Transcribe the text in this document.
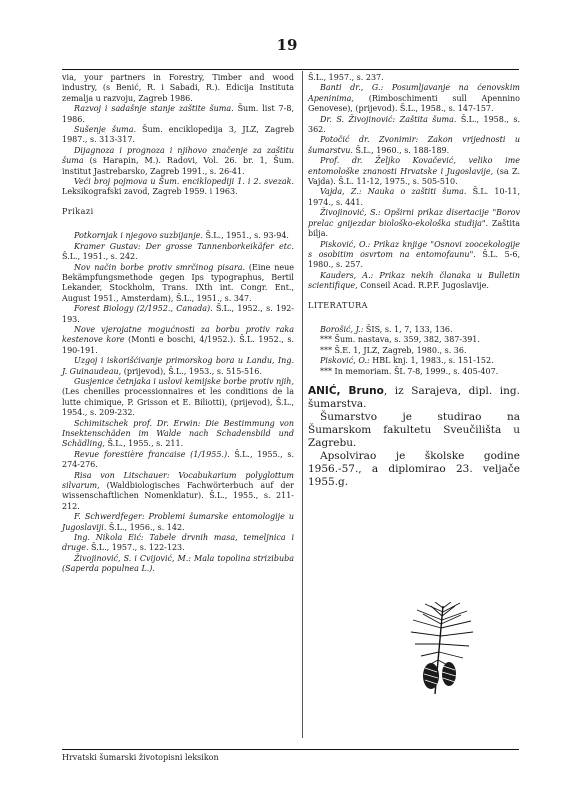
19

via, your partners in Forestry, Timber and wood industry, (s Benić, R. i Sabadi, R.). Edicija Instituta zemalja u razvoju, Zagreb 1986.

Razvoj i sadašnje stanje zaštite šuma. Šum. list 7-8, 1986.

Sušenje šuma. Šum. enciklopedija 3, JLZ, Zagreb 1987., s. 313-317.

Dijagnoza i prognoza i njihovo značenje za zaštitu šuma (s Harapin, M.). Radovi, Vol. 26. br. 1, Šum. institut Jastrebarsko, Zagreb 1991., s. 26-41.

Veći broj pojmova u Šum. enciklopediji 1. i 2. svezak. Leksikografski zavod, Zagreb 1959. i 1963.

Prikazi

Potkornjak i njegovo suzbijanje. Š.L., 1951., s. 93-94.

Kramer Gustav: Der grosse Tannenborkeikäfer etc. Š.L., 1951., s. 242.

Nov način borbe protiv smrčinog pisara. (Eine neue Bekämpfungsmethode gegen Ips typographus, Bertil Lekander, Stockholm, Trans. IXth int. Congr. Ent., August 1951., Amsterdam), Š.L., 1951., s. 347.

Forest Biology (2/1952., Canada). Š.L., 1952., s. 192-193.

Nove vjerojatne mogućnosti za borbu protiv raka kestenove kore (Monti e boschi, 4/1952.). Š.L. 1952., s. 190-191.

Uzgoj i iskorišćivanje primorskog bora u Landu, Ing. J. Guinaudeau, (prijevod), Š.L., 1953., s. 515-516.

Gusjenice četnjaka i uslovi kemijske borbe protiv njih, (Les chenilles processionnaires et les conditions de la lutte chimique, P. Grisson et E. Biliotti), (prijevod), Š.L., 1954., s. 209-232.

Schimitschek prof. Dr. Erwin: Die Bestimmung von Insektenschäden im Walde nach Schadensbild und Schädling, Š.L., 1955., s. 211.

Revue forestière francaise (1/1955.). Š.L., 1955., s. 274-276.

Risa von Litschauer: Vocabukarium polyglottum silvarum, (Waldbiologisches Fachwörterbuch auf der wissenschaftlichen Nomenklatur). Š.L., 1955., s. 211-212.

F. Schwerdfeger: Problemi šumarske entomologije u Jugoslaviji. Š.L., 1956., s. 142.

Ing. Nikola Eić: Tabele drvnih masa, temeljnica i druge. Š.L., 1957., s. 122-123.

Živojinović, S. i Cvijović, M.: Mala topolina strizibuba (Saperda populnea L.).

Š.L., 1957., s. 237.

Banti dr., G.: Posumljavanje na ćenovskim Apeninima, (Rimboschimenti sull Apennino Genovese), (prijevod). Š.L., 1958., s. 147-157.

Dr. S. Živojinović: Zaštita šuma. Š.L., 1958., s. 362.

Potočić dr. Zvonimir: Zakon vrijednosti u šumarstvu. Š.L., 1960., s. 188-189.

Prof. dr. Željko Kovačević, veliko ime entomološke znanosti Hrvatske i Jugoslavije, (sa Z. Vajda). Š.L. 11-12, 1975., s. 505-510.

Vajda, Z.: Nauka o zaštiti šuma. Š.L. 10-11, 1974., s. 441.

Živojinović, S.: Opširni prikaz disertacije "Borov prelac gnijezdar biološko-ekološka studija". Zaštita bilja.

Pisković, O.: Prikaz knjige "Osnovi zoocekologije s osobitim osvrtom na entomofaunu". Š.L. 5-6, 1980., s. 257.

Kauders, A.: Prikaz nekih članaka u Bulletin scientifique, Conseil Acad. R.P.F. Jugoslavije.

LITERATURA

Borošić, J.: ŠIS, s. 1, 7, 133, 136.

*** Šum. nastava, s. 359, 382, 387-391.

*** Š.E. 1, JLZ, Zagreb, 1980., s. 36.

Pisković, O.: HBL knj. 1, 1983., s. 151-152.

*** In memoriam. ŠL 7-8, 1999., s. 405-407.

ANIĆ, Bruno, iz Sarajeva, dipl. ing. šumarstva.

Šumarstvo je studirao na Šumarskom fakultetu Sveučilišta u Zagrebu.

Apsolvirao je školske godine 1956.-57., a diplomirao 23. veljače 1955.g.

Hrvatski šumarski životopisni leksikon
